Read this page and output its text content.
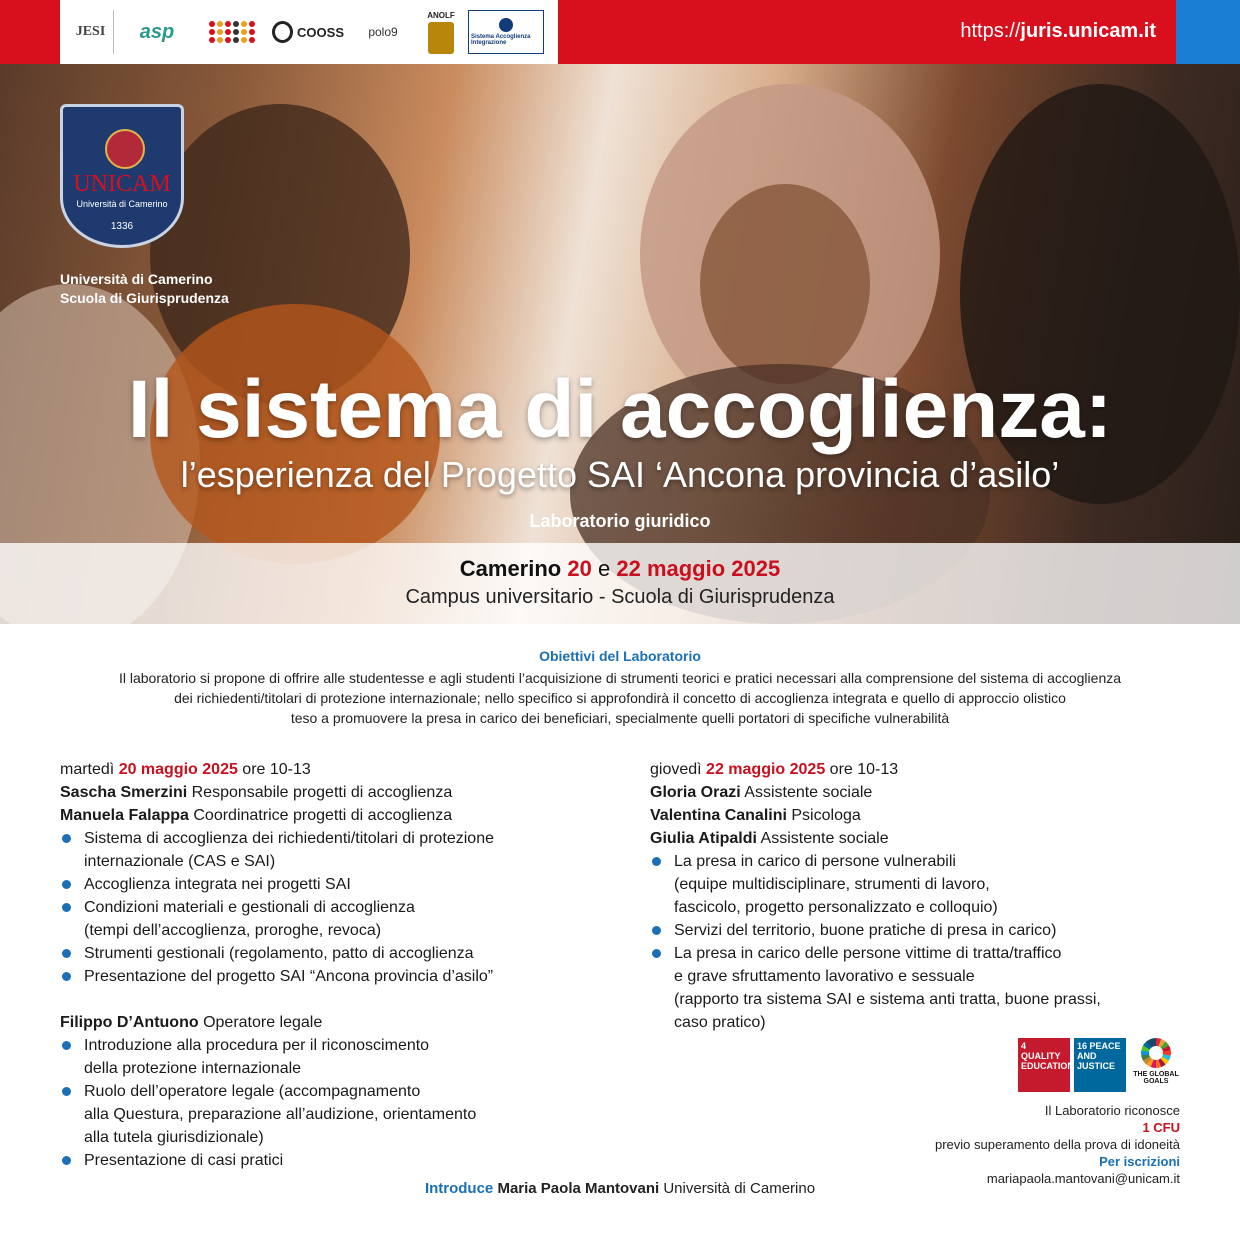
JESI	asp	COOSS	polo9
ANOLF
Sistema Accoglienza Integrazione
https://juris.unicam.it
UNICAM
Università di Camerino
1336
Università di Camerino
Scuola di Giurisprudenza
Il sistema di accoglienza:
l’esperienza del Progetto SAI ‘Ancona provincia d’asilo’
Laboratorio giuridico
Camerino 20 e 22 maggio 2025
Campus universitario - Scuola di Giurisprudenza
Obiettivi del Laboratorio
Il laboratorio si propone di offrire alle studentesse e agli studenti l’acquisizione di strumenti teorici e pratici necessari alla comprensione del sistema di accoglienza
dei richiedenti/titolari di protezione internazionale; nello specifico si approfondirà il concetto di accoglienza integrata e quello di approccio olistico
teso a promuovere la presa in carico dei beneficiari, specialmente quelli portatori di specifiche vulnerabilità
martedì 20 maggio 2025 ore 10-13
Sascha Smerzini Responsabile progetti di accoglienza
Manuela Falappa Coordinatrice progetti di accoglienza
Sistema di accoglienza dei richiedenti/titolari di protezione
internazionale (CAS e SAI)
Accoglienza integrata nei progetti SAI
Condizioni materiali e gestionali di accoglienza
(tempi dell’accoglienza, proroghe, revoca)
Strumenti gestionali (regolamento, patto di accoglienza
Presentazione del progetto SAI “Ancona provincia d’asilo”
Filippo D’Antuono Operatore legale
Introduzione alla procedura per il riconoscimento
della protezione internazionale
Ruolo dell’operatore legale (accompagnamento
alla Questura, preparazione all’audizione, orientamento
alla tutela giurisdizionale)
Presentazione di casi pratici
giovedì 22 maggio 2025 ore 10-13
Gloria Orazi Assistente sociale
Valentina Canalini Psicologa
Giulia Atipaldi Assistente sociale
La presa in carico di persone vulnerabili
(equipe multidisciplinare, strumenti di lavoro,
fascicolo, progetto personalizzato e colloquio)
Servizi del territorio, buone pratiche di presa in carico)
La presa in carico delle persone vittime di tratta/traffico
e grave sfruttamento lavorativo e sessuale
(rapporto tra sistema SAI e sistema anti tratta, buone prassi,
caso pratico)
4 QUALITY EDUCATION
16 PEACE AND JUSTICE
THE GLOBAL GOALS
Il Laboratorio riconosce
1 CFU
previo superamento della prova di idoneità
Per iscrizioni
mariapaola.mantovani@unicam.it
Introduce Maria Paola Mantovani Università di Camerino
